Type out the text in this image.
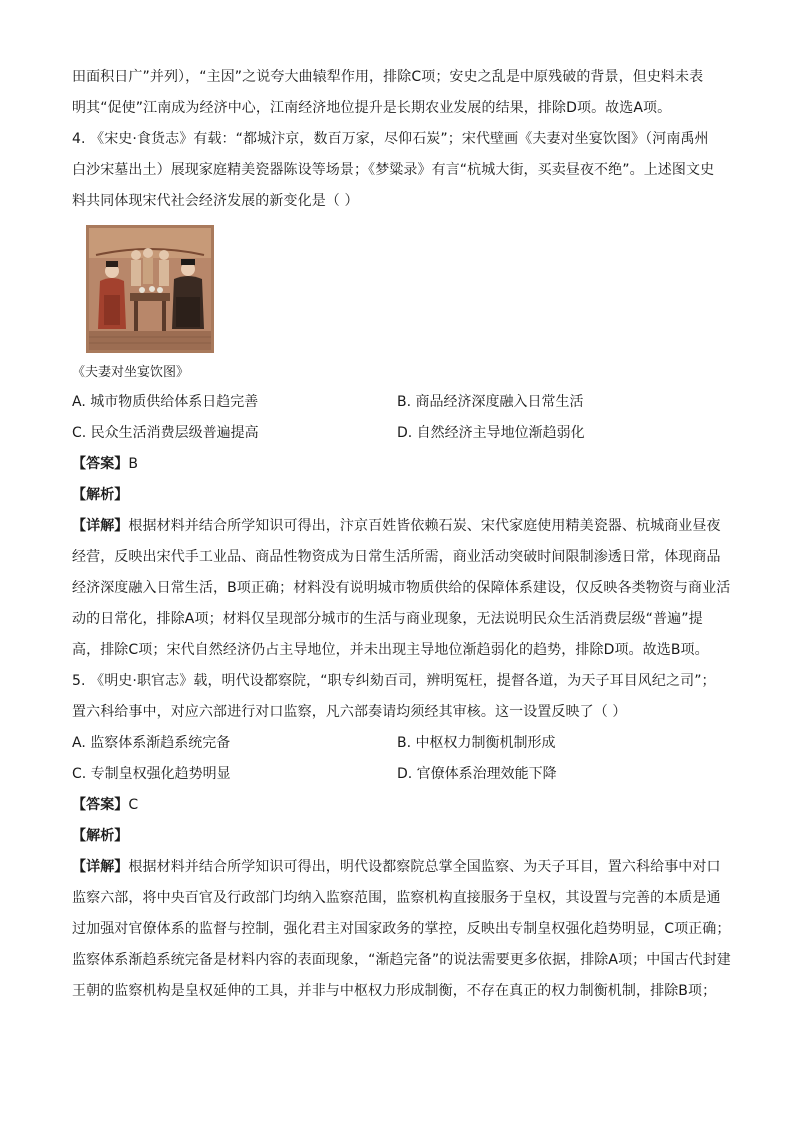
田面积日广”并列），“主因”之说夸大曲辕犁作用，排除C项；安史之乱是中原残破的背景，但史料未表
明其“促使”江南成为经济中心，江南经济地位提升是长期农业发展的结果，排除D项。故选A项。
4. 《宋史·食货志》有载：“都城汴京，数百万家，尽仰石炭”；宋代壁画《夫妻对坐宴饮图》（河南禹州
白沙宋墓出土）展现家庭精美瓷器陈设等场景；《梦粱录》有言“杭城大街，买卖昼夜不绝”。上述图文史
料共同体现宋代社会经济发展的新变化是（ ）
《夫妻对坐宴饮图》
A. 城市物质供给体系日趋完善	B. 商品经济深度融入日常生活
C. 民众生活消费层级普遍提高	D. 自然经济主导地位渐趋弱化
【答案】B
【解析】
【详解】根据材料并结合所学知识可得出，汴京百姓皆依赖石炭、宋代家庭使用精美瓷器、杭城商业昼夜
经营，反映出宋代手工业品、商品性物资成为日常生活所需，商业活动突破时间限制渗透日常，体现商品
经济深度融入日常生活，B项正确；材料没有说明城市物质供给的保障体系建设，仅反映各类物资与商业活
动的日常化，排除A项；材料仅呈现部分城市的生活与商业现象，无法说明民众生活消费层级“普遍”提
高，排除C项；宋代自然经济仍占主导地位，并未出现主导地位渐趋弱化的趋势，排除D项。故选B项。
5. 《明史·职官志》载，明代设都察院，“职专纠劾百司，辨明冤枉，提督各道，为天子耳目风纪之司”；
置六科给事中，对应六部进行对口监察，凡六部奏请均须经其审核。这一设置反映了（ ）
A. 监察体系渐趋系统完备	B. 中枢权力制衡机制形成
C. 专制皇权强化趋势明显	D. 官僚体系治理效能下降
【答案】C
【解析】
【详解】根据材料并结合所学知识可得出，明代设都察院总掌全国监察、为天子耳目，置六科给事中对口
监察六部，将中央百官及行政部门均纳入监察范围，监察机构直接服务于皇权，其设置与完善的本质是通
过加强对官僚体系的监督与控制，强化君主对国家政务的掌控，反映出专制皇权强化趋势明显，C项正确；
监察体系渐趋系统完备是材料内容的表面现象，“渐趋完备”的说法需要更多依据，排除A项；中国古代封建
王朝的监察机构是皇权延伸的工具，并非与中枢权力形成制衡，不存在真正的权力制衡机制，排除B项；
